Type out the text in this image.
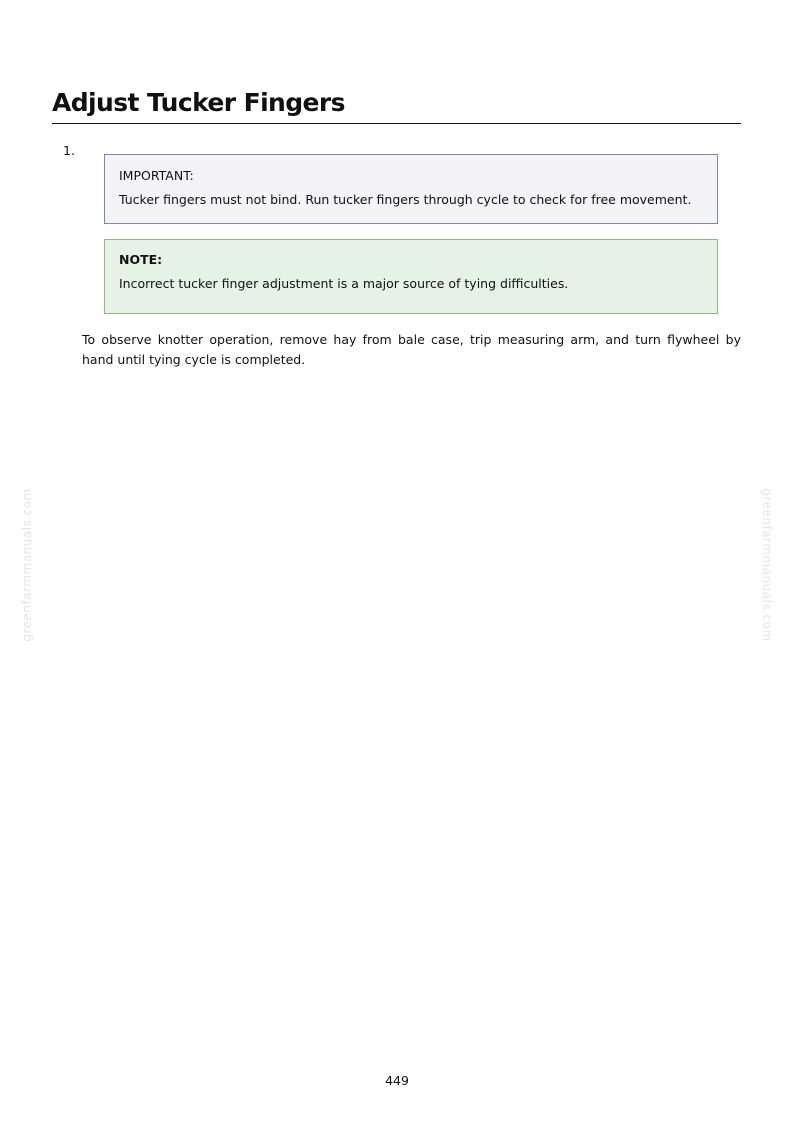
Adjust Tucker Fingers
1.
IMPORTANT:
Tucker fingers must not bind. Run tucker fingers through cycle to check for free movement.
NOTE:
Incorrect tucker finger adjustment is a major source of tying difficulties.

To observe knotter operation, remove hay from bale case, trip measuring arm, and turn flywheel by hand until tying cycle is completed.

greenfarmmanuals.com	greenfarmmanuals.com
449
